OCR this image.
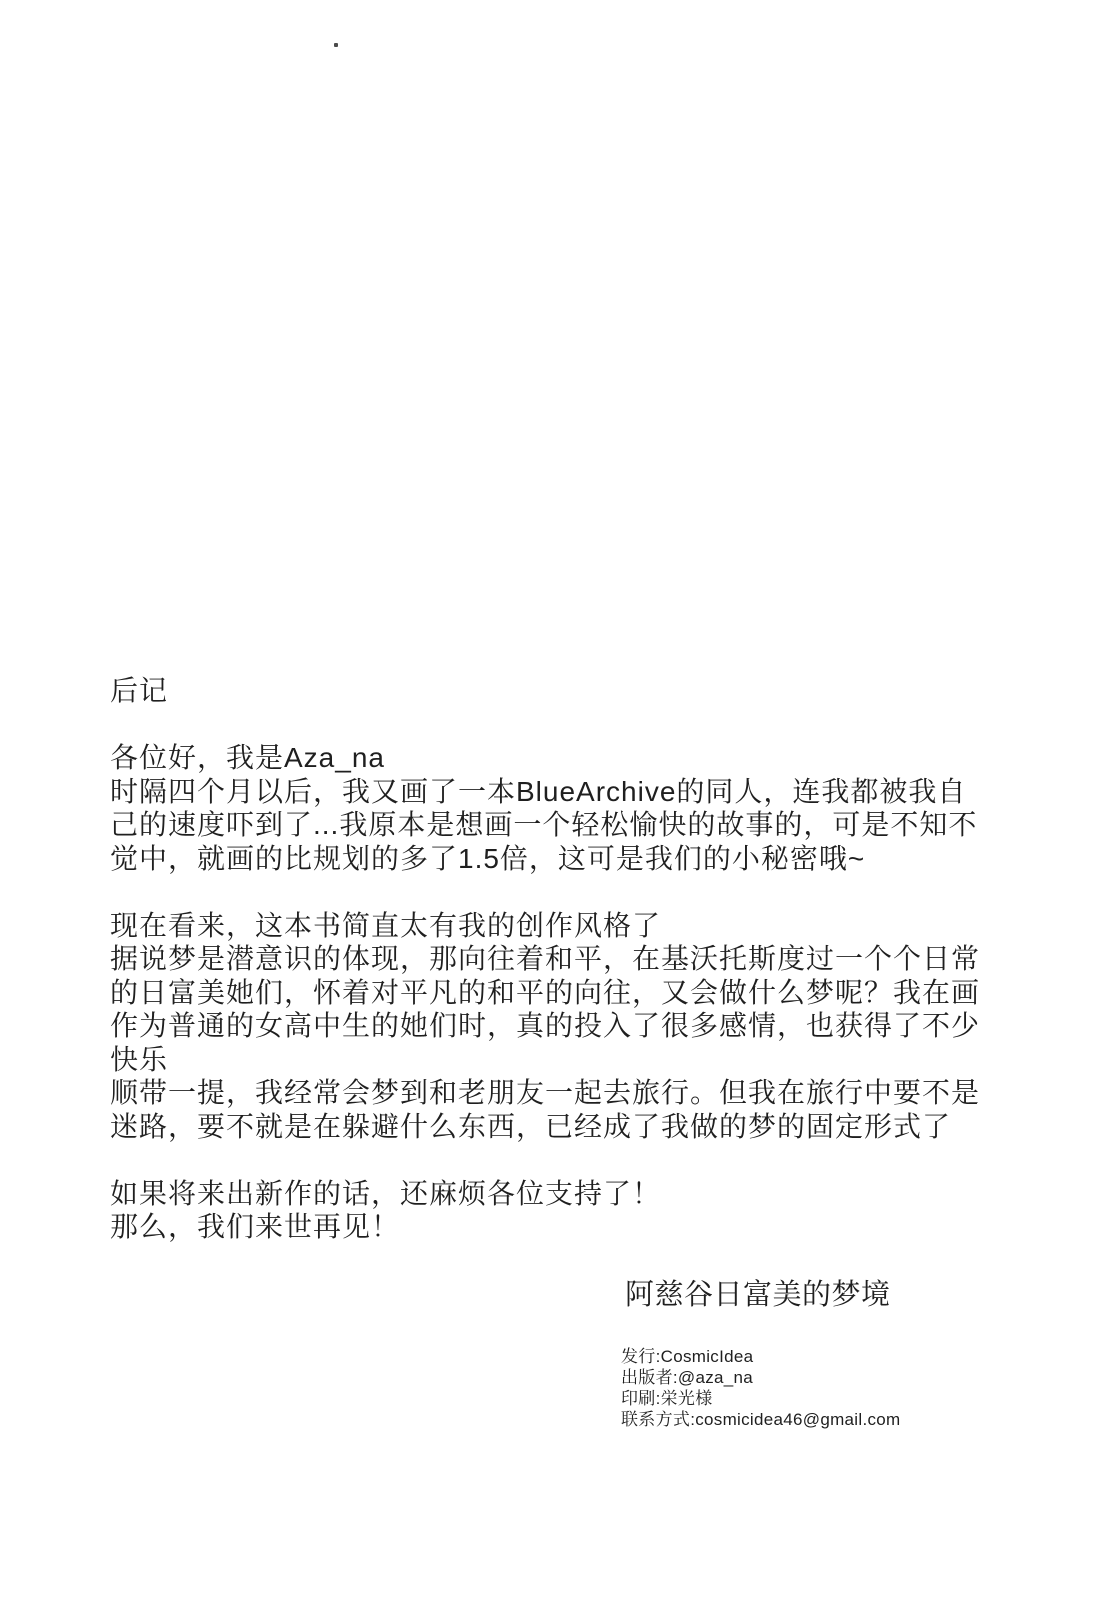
后记
各位好，我是Aza_na
时隔四个月以后，我又画了一本BlueArchive的同人，连我都被我自
己的速度吓到了...我原本是想画一个轻松愉快的故事的，可是不知不
觉中，就画的比规划的多了1.5倍，这可是我们的小秘密哦~

现在看来，这本书简直太有我的创作风格了
据说梦是潜意识的体现，那向往着和平，在基沃托斯度过一个个日常
的日富美她们，怀着对平凡的和平的向往，又会做什么梦呢？我在画
作为普通的女高中生的她们时，真的投入了很多感情，也获得了不少
快乐
顺带一提，我经常会梦到和老朋友一起去旅行。但我在旅行中要不是
迷路，要不就是在躲避什么东西，已经成了我做的梦的固定形式了

如果将来出新作的话，还麻烦各位支持了！
那么，我们来世再见！
阿慈谷日富美的梦境
发行:CosmicIdea
出版者:@aza_na
印刷:栄光様
联系方式:cosmicidea46@gmail.com
